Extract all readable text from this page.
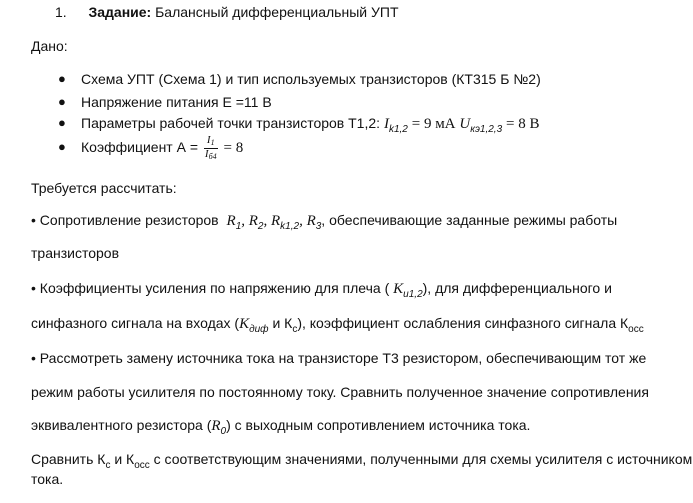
1. Задание: Балансный дифференциальный УПТ
Дано:
● Схема УПТ (Схема 1) и тип используемых транзисторов (КТ315 Б №2)
● Напряжение питания Е =11 В
● Параметры рабочей точки транзисторов Т1,2: $I_{k1,2} = 9$ мА $U_{кэ1,2,3} = 8$ В
● Коэффициент $А = \frac{I1}{Iб4} = 8$
Требуется рассчитать:
• Сопротивление резисторов $R_1$, $R_2$, $R_{k1,2}$, $R_3$, обеспечивающие заданные режимы работы
транзисторов
• Коэффициенты усиления по напряжению для плеча ( $K_{u1,2}$), для дифференциального и
синфазного сигнала на входах ($K_{диф}$ и $К_с$), коэффициент ослабления синфазного сигнала $К_{осс}$
• Рассмотреть замену источника тока на транзисторе Т3 резистором, обеспечивающим тот же
режим работы усилителя по постоянному току. Сравнить полученное значение сопротивления
эквивалентного резистора $(R_0)$ с выходным сопротивлением источника тока.
Сравнить $К_с$ и $К_{осс}$ с соответствующим значениями, полученными для схемы усилителя с источником
тока.
